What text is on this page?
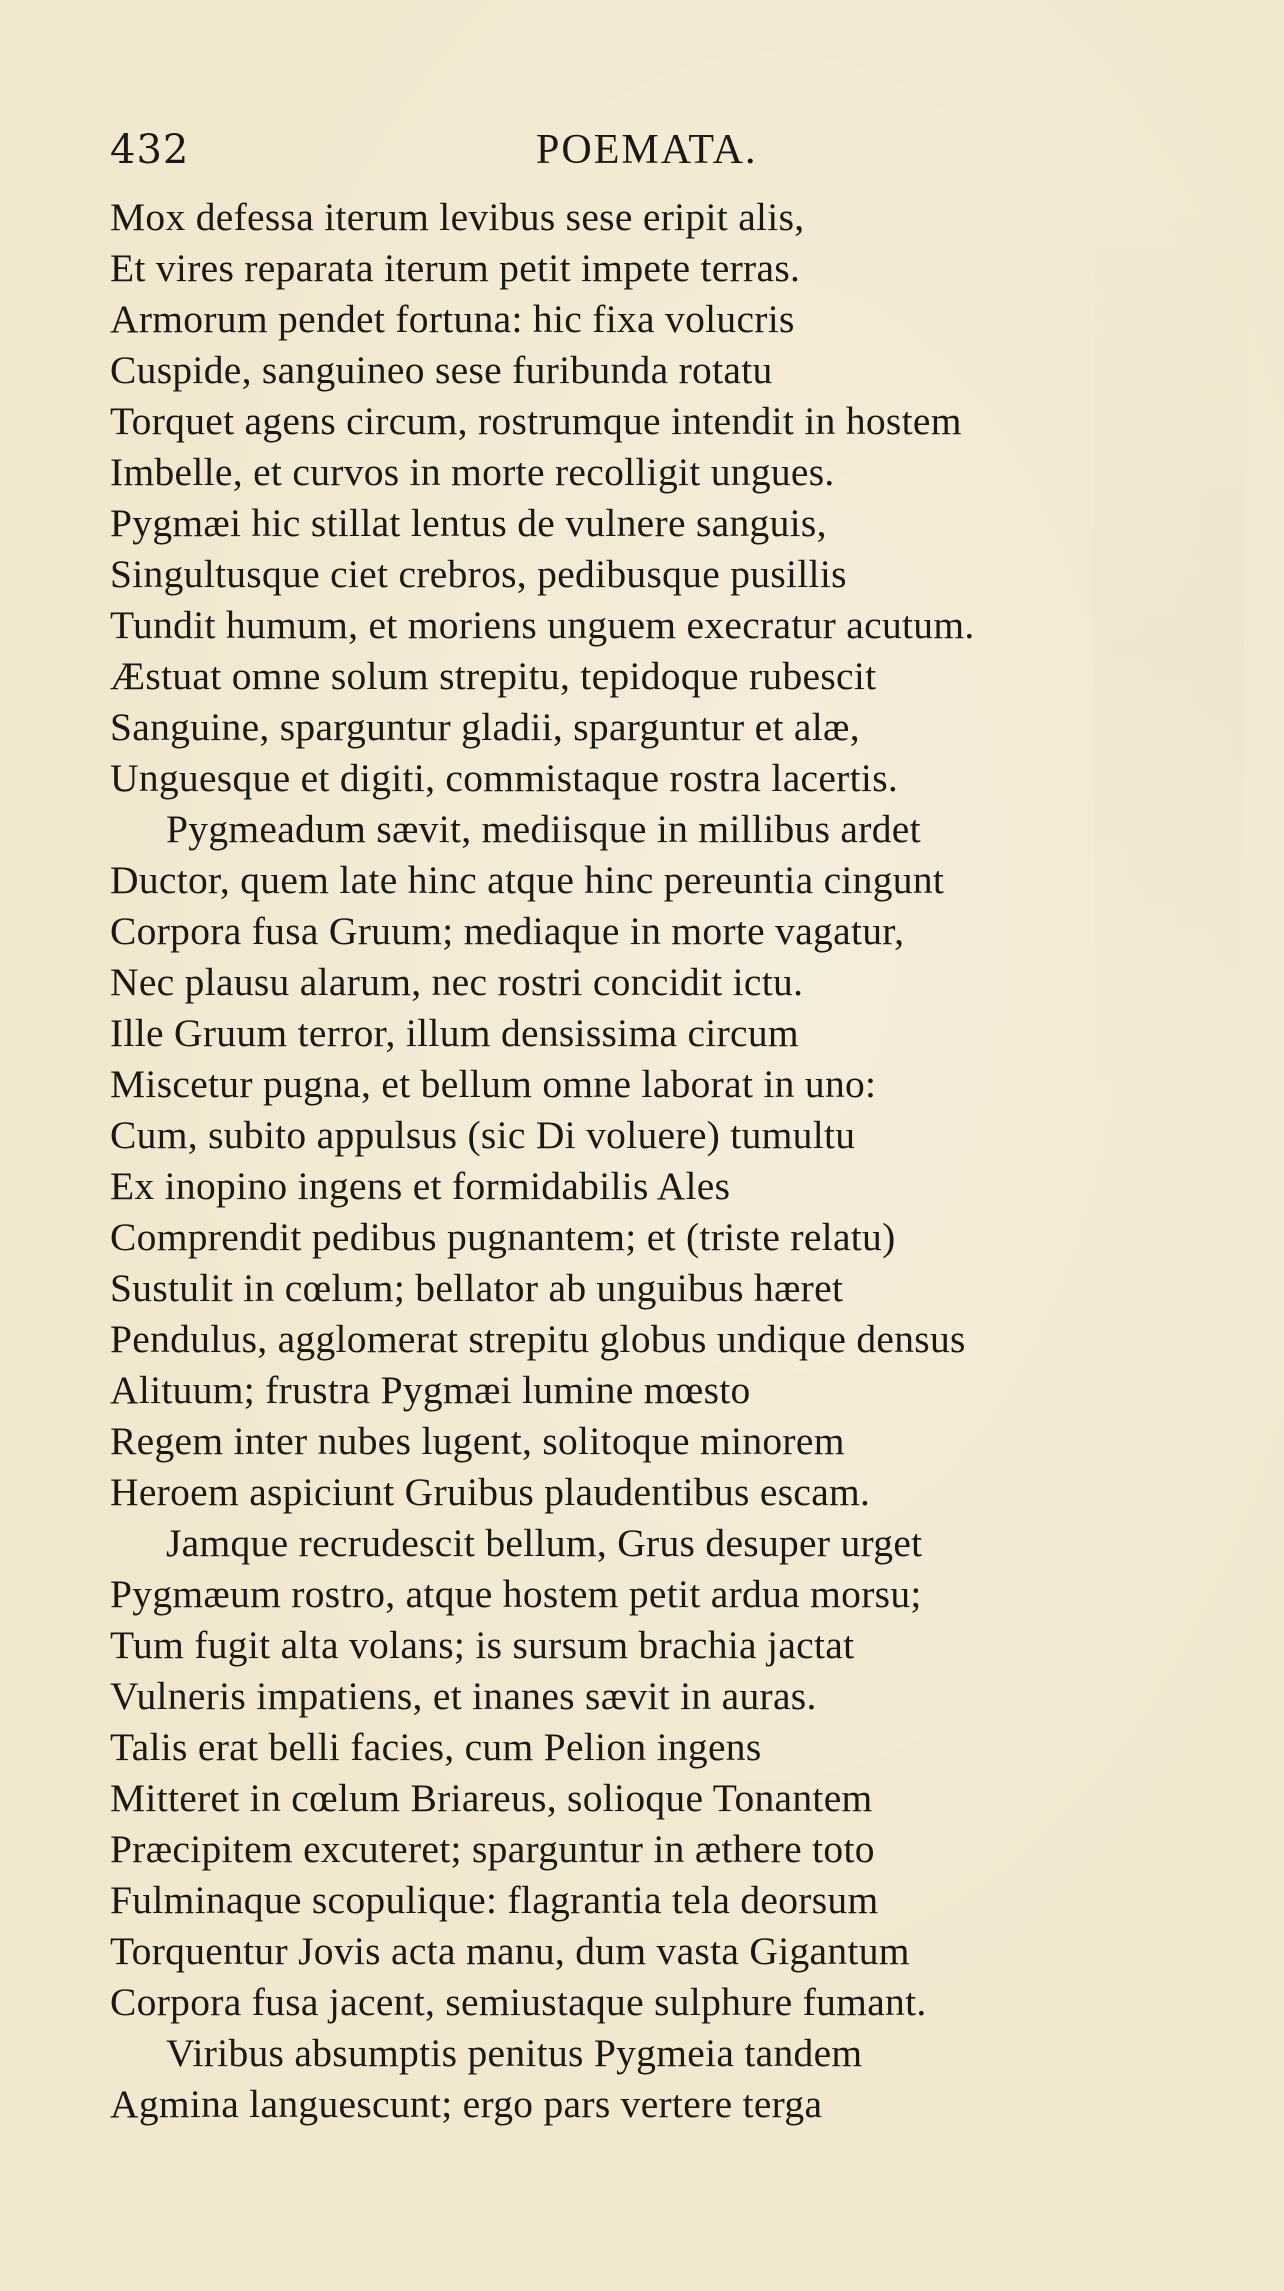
432	POEMATA.
Mox defessa iterum levibus sese eripit alis,
Et vires reparata iterum petit impete terras.
Armorum pendet fortuna: hic fixa volucris
Cuspide, sanguineo sese furibunda rotatu
Torquet agens circum, rostrumque intendit in hostem
Imbelle, et curvos in morte recolligit ungues.
Pygmæi hic stillat lentus de vulnere sanguis,
Singultusque ciet crebros, pedibusque pusillis
Tundit humum, et moriens unguem execratur acutum.
Æstuat omne solum strepitu, tepidoque rubescit
Sanguine, sparguntur gladii, sparguntur et alæ,
Unguesque et digiti, commistaque rostra lacertis.
Pygmeadum sævit, mediisque in millibus ardet
Ductor, quem late hinc atque hinc pereuntia cingunt
Corpora fusa Gruum; mediaque in morte vagatur,
Nec plausu alarum, nec rostri concidit ictu.
Ille Gruum terror, illum densissima circum
Miscetur pugna, et bellum omne laborat in uno:
Cum, subito appulsus (sic Di voluere) tumultu
Ex inopino ingens et formidabilis Ales
Comprendit pedibus pugnantem; et (triste relatu)
Sustulit in cœlum; bellator ab unguibus hæret
Pendulus, agglomerat strepitu globus undique densus
Alituum; frustra Pygmæi lumine mœsto
Regem inter nubes lugent, solitoque minorem
Heroem aspiciunt Gruibus plaudentibus escam.
Jamque recrudescit bellum, Grus desuper urget
Pygmæum rostro, atque hostem petit ardua morsu;
Tum fugit alta volans; is sursum brachia jactat
Vulneris impatiens, et inanes sævit in auras.
Talis erat belli facies, cum Pelion ingens
Mitteret in cœlum Briareus, solioque Tonantem
Præcipitem excuteret; sparguntur in æthere toto
Fulminaque scopulique: flagrantia tela deorsum
Torquentur Jovis acta manu, dum vasta Gigantum
Corpora fusa jacent, semiustaque sulphure fumant.
Viribus absumptis penitus Pygmeia tandem
Agmina languescunt; ergo pars vertere terga
